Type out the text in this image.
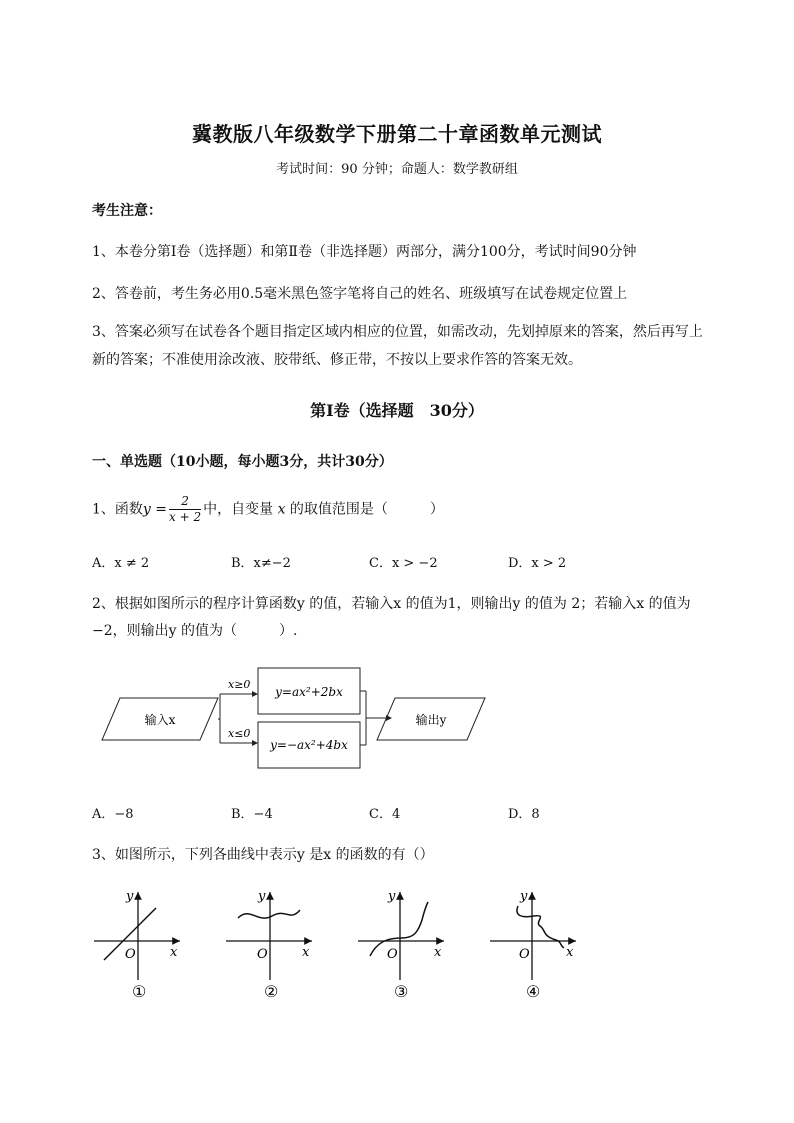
冀教版八年级数学下册第二十章函数单元测试
考试时间：90 分钟；命题人：数学教研组
考生注意：
1、本卷分第Ⅰ卷（选择题）和第Ⅱ卷（非选择题）两部分，满分100分，考试时间90分钟
2、答卷前，考生务必用0.5毫米黑色签字笔将自己的姓名、班级填写在试卷规定位置上
3、答案必须写在试卷各个题目指定区域内相应的位置，如需改动，先划掉原来的答案，然后再写上新的答案；不准使用涂改液、胶带纸、修正带，不按以上要求作答的答案无效。
第Ⅰ卷（选择题　30分）
一、单选题（10小题，每小题3分，共计30分）
1、函数$y = \frac{2}{x + 2}$ 中，自变量 x 的取值范围是（　　　）
A．x ≠ 2	B．x≠−2	C．x > −2	D．x > 2
2、根据如图所示的程序计算函数y 的值，若输入x 的值为1，则输出y 的值为 2；若输入x 的值为
−2，则输出y 的值为（　　　）.
输入x
x≥0
x≤0
y=ax²+2bx
y=−ax²+4bx
输出y
A．−8	B．−4	C．4	D．8
3、如图所示，下列各曲线中表示y 是x 的函数的有（）
y
x
O
①
y
x
O
②
y
x
O
③
y
x
O
④
